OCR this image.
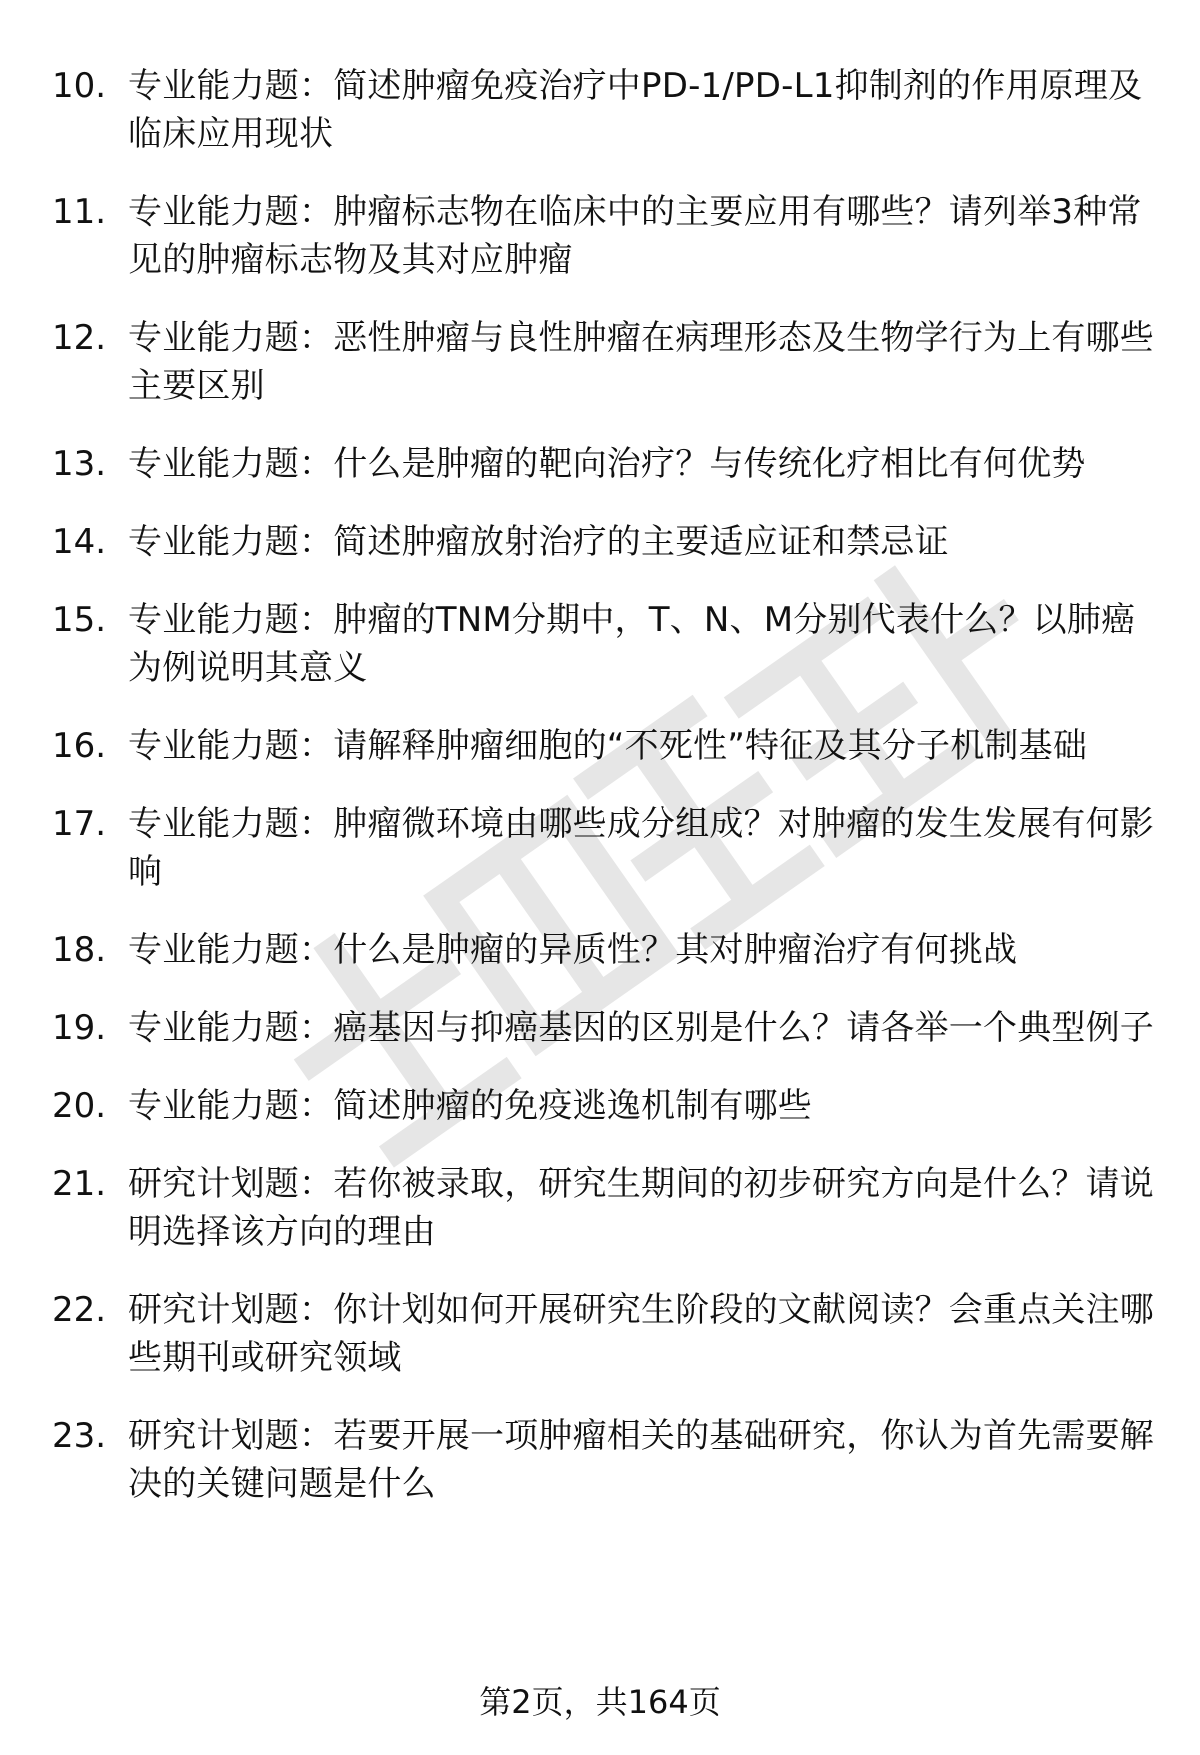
10. 专业能力题：简述肿瘤免疫治疗中PD-1/PD-L1抑制剂的作用原理及临床应用现状
11. 专业能力题：肿瘤标志物在临床中的主要应用有哪些？请列举3种常见的肿瘤标志物及其对应肿瘤
12. 专业能力题：恶性肿瘤与良性肿瘤在病理形态及生物学行为上有哪些主要区别
13. 专业能力题：什么是肿瘤的靶向治疗？与传统化疗相比有何优势
14. 专业能力题：简述肿瘤放射治疗的主要适应证和禁忌证
15. 专业能力题：肿瘤的TNM分期中，T、N、M分别代表什么？以肺癌为例说明其意义
16. 专业能力题：请解释肿瘤细胞的“不死性”特征及其分子机制基础
17. 专业能力题：肿瘤微环境由哪些成分组成？对肿瘤的发生发展有何影响
18. 专业能力题：什么是肿瘤的异质性？其对肿瘤治疗有何挑战
19. 专业能力题：癌基因与抑癌基因的区别是什么？请各举一个典型例子
20. 专业能力题：简述肿瘤的免疫逃逸机制有哪些
21. 研究计划题：若你被录取，研究生期间的初步研究方向是什么？请说明选择该方向的理由
22. 研究计划题：你计划如何开展研究生阶段的文献阅读？会重点关注哪些期刊或研究领域
23. 研究计划题：若要开展一项肿瘤相关的基础研究，你认为首先需要解决的关键问题是什么
第2页，共164页
